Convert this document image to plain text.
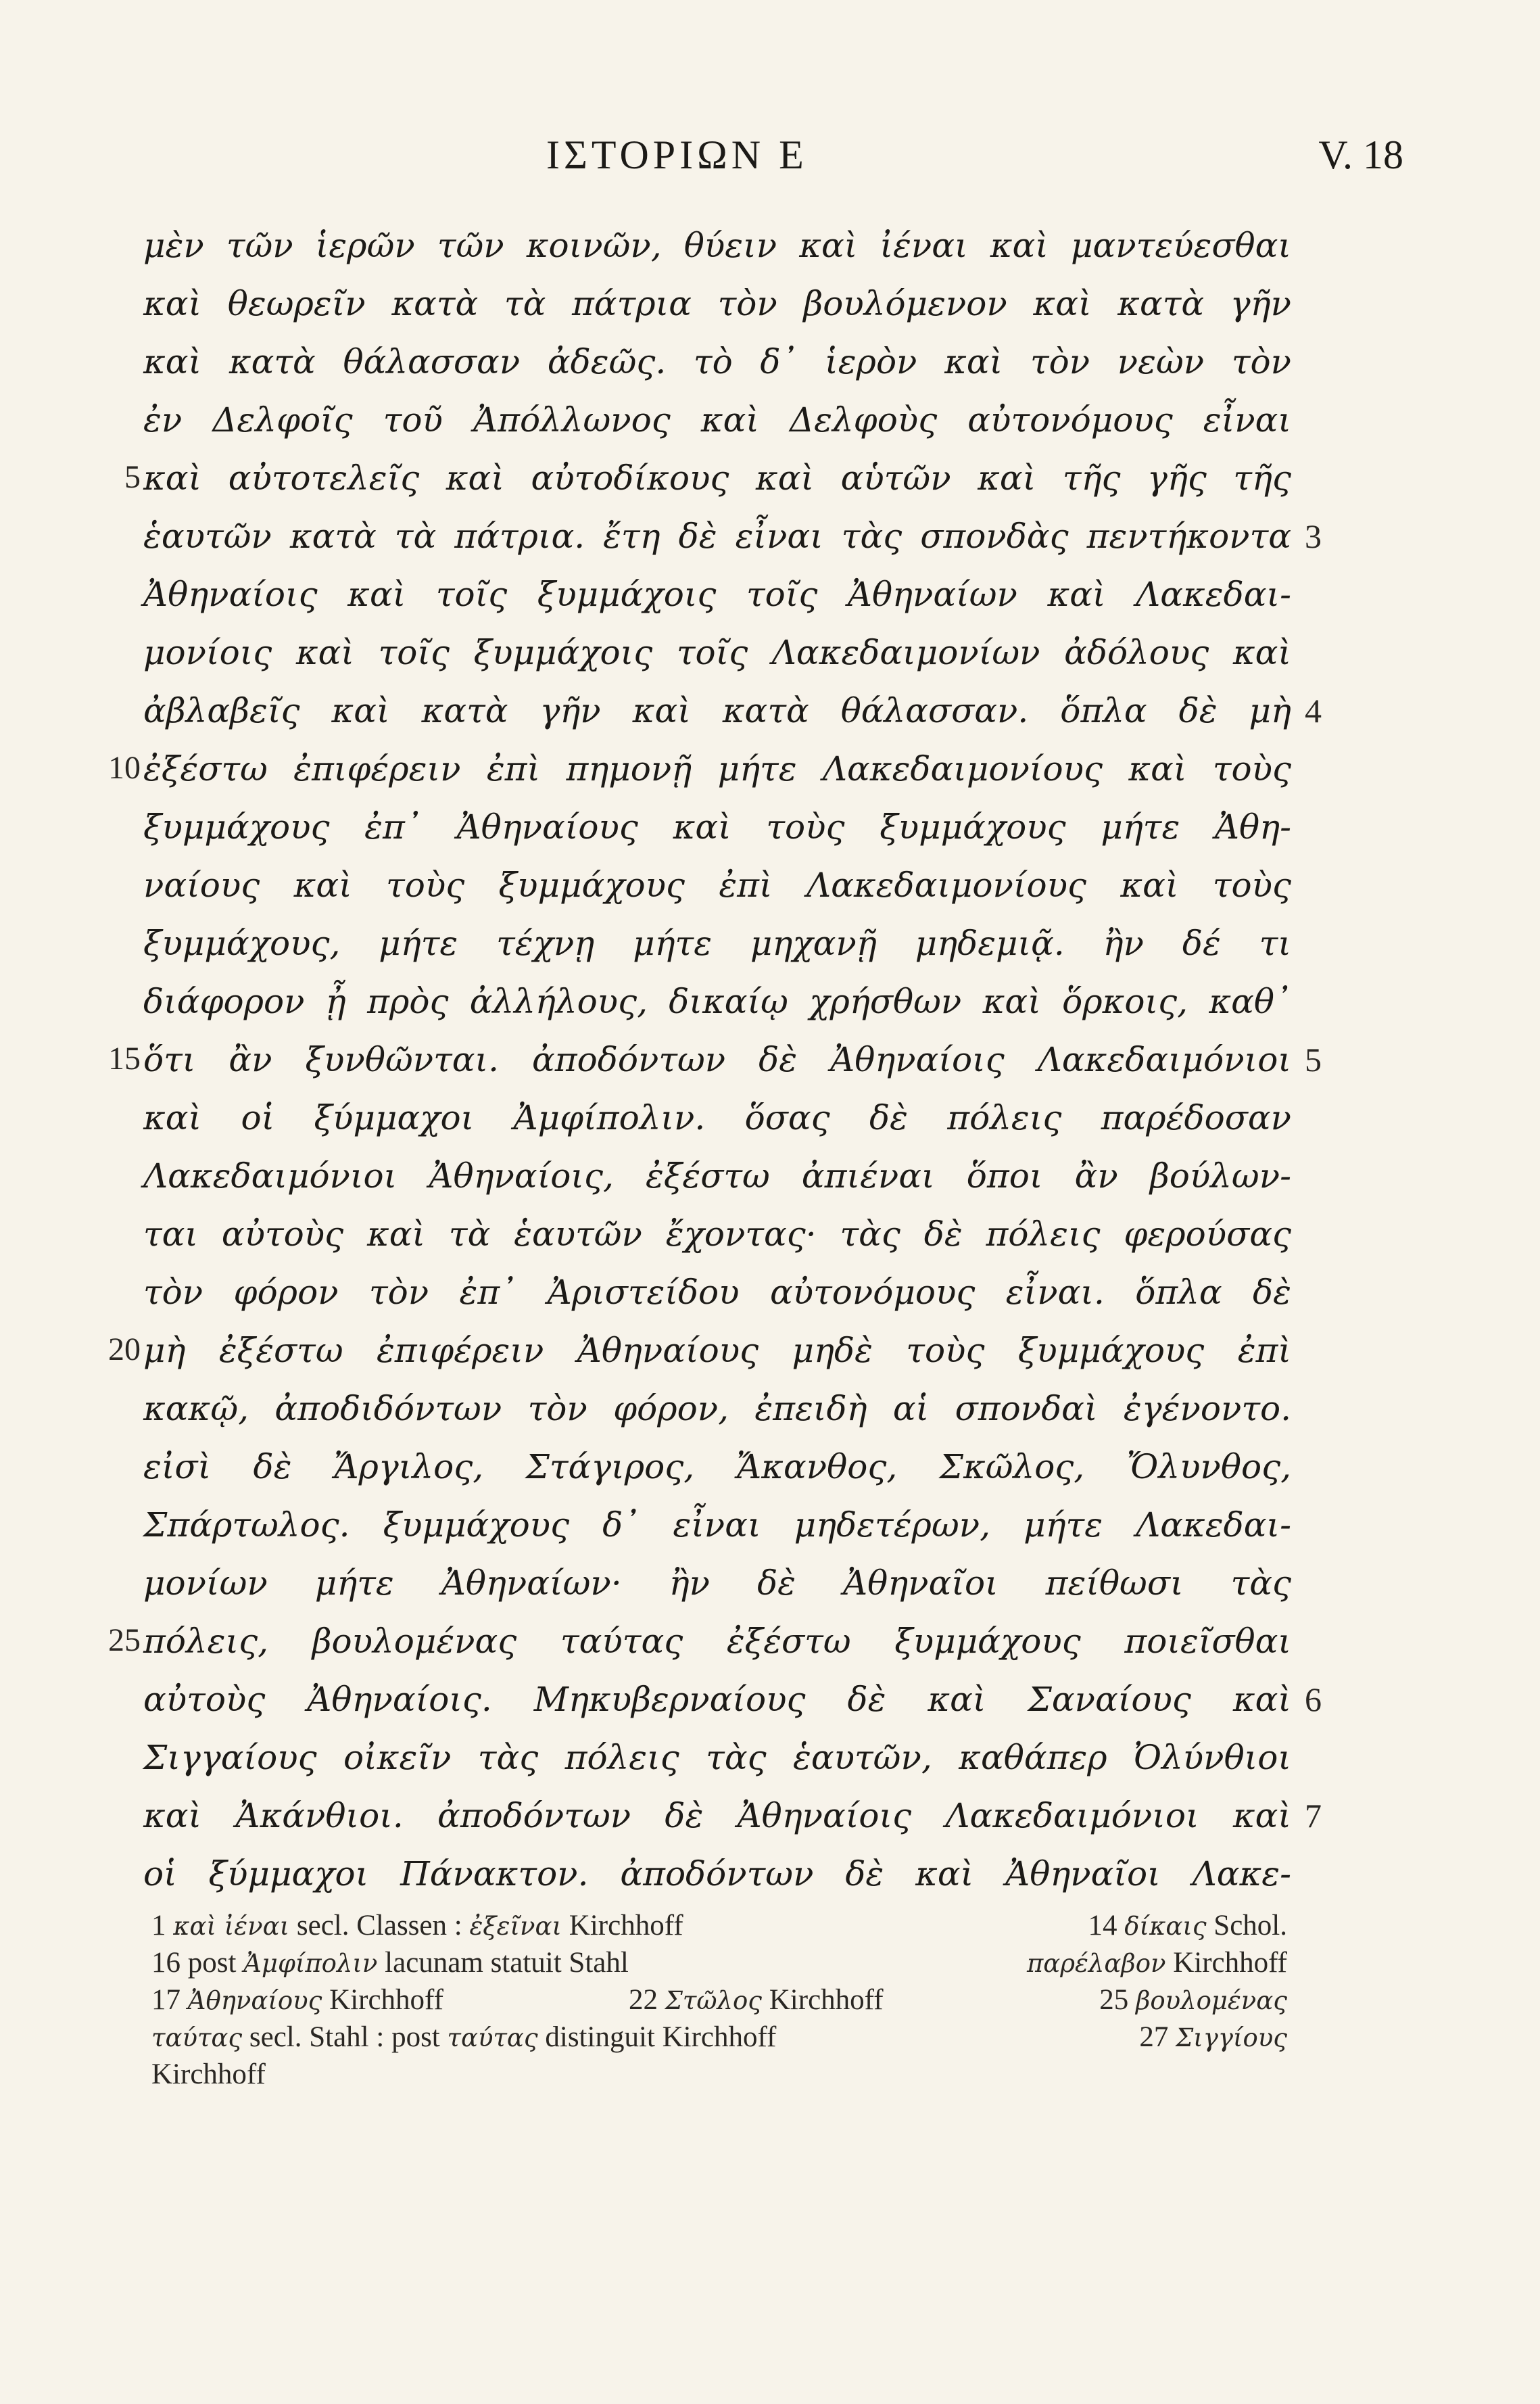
ΙΣΤΟΡΙΩΝ Ε	V. 18
μὲν τῶν ἱερῶν τῶν κοινῶν, θύειν καὶ ἰέναι καὶ μαντεύεσθαι
καὶ θεωρεῖν κατὰ τὰ πάτρια τὸν βουλόμενον καὶ κατὰ γῆν
καὶ κατὰ θάλασσαν ἀδεῶς. τὸ δ᾽ ἱερὸν καὶ τὸν νεὼν τὸν
ἐν Δελφοῖς τοῦ Ἀπόλλωνος καὶ Δελφοὺς αὐτονόμους εἶναι
5 καὶ αὐτοτελεῖς καὶ αὐτοδίκους καὶ αὑτῶν καὶ τῆς γῆς τῆς
ἑαυτῶν κατὰ τὰ πάτρια. ἔτη δὲ εἶναι τὰς σπονδὰς πεντήκοντα 3
Ἀθηναίοις καὶ τοῖς ξυμμάχοις τοῖς Ἀθηναίων καὶ Λακεδαι-
μονίοις καὶ τοῖς ξυμμάχοις τοῖς Λακεδαιμονίων ἀδόλους καὶ
ἀβλαβεῖς καὶ κατὰ γῆν καὶ κατὰ θάλασσαν. ὅπλα δὲ μὴ 4
10 ἐξέστω ἐπιφέρειν ἐπὶ πημονῇ μήτε Λακεδαιμονίους καὶ τοὺς
ξυμμάχους ἐπ᾽ Ἀθηναίους καὶ τοὺς ξυμμάχους μήτε Ἀθη-
ναίους καὶ τοὺς ξυμμάχους ἐπὶ Λακεδαιμονίους καὶ τοὺς
ξυμμάχους, μήτε τέχνῃ μήτε μηχανῇ μηδεμιᾷ. ἢν δέ τι
διάφορον ᾖ πρὸς ἀλλήλους, δικαίῳ χρήσθων καὶ ὅρκοις, καθ᾽
15 ὅτι ἂν ξυνθῶνται. ἀποδόντων δὲ Ἀθηναίοις Λακεδαιμόνιοι 5
καὶ οἱ ξύμμαχοι Ἀμφίπολιν. ὅσας δὲ πόλεις παρέδοσαν
Λακεδαιμόνιοι Ἀθηναίοις, ἐξέστω ἀπιέναι ὅποι ἂν βούλων-
ται αὐτοὺς καὶ τὰ ἑαυτῶν ἔχοντας· τὰς δὲ πόλεις φερούσας
τὸν φόρον τὸν ἐπ᾽ Ἀριστείδου αὐτονόμους εἶναι. ὅπλα δὲ
20 μὴ ἐξέστω ἐπιφέρειν Ἀθηναίους μηδὲ τοὺς ξυμμάχους ἐπὶ
κακῷ, ἀποδιδόντων τὸν φόρον, ἐπειδὴ αἱ σπονδαὶ ἐγένοντο.
εἰσὶ δὲ Ἄργιλος, Στάγιρος, Ἄκανθος, Σκῶλος, Ὄλυνθος,
Σπάρτωλος. ξυμμάχους δ᾽ εἶναι μηδετέρων, μήτε Λακεδαι-
μονίων μήτε Ἀθηναίων· ἢν δὲ Ἀθηναῖοι πείθωσι τὰς
25 πόλεις, βουλομένας ταύτας ἐξέστω ξυμμάχους ποιεῖσθαι
αὐτοὺς Ἀθηναίοις. Μηκυβερναίους δὲ καὶ Σαναίους καὶ 6
Σιγγαίους οἰκεῖν τὰς πόλεις τὰς ἑαυτῶν, καθάπερ Ὀλύνθιοι
καὶ Ἀκάνθιοι. ἀποδόντων δὲ Ἀθηναίοις Λακεδαιμόνιοι καὶ 7
οἱ ξύμμαχοι Πάνακτον. ἀποδόντων δὲ καὶ Ἀθηναῖοι Λακε-
1 καὶ ἰέναι secl. Classen : ἐξεῖναι Kirchhoff	14 δίκαις Schol.
16 post Ἀμφίπολιν lacunam statuit Stahl	παρέλαβον Kirchhoff
17 Ἀθηναίους Kirchhoff	22 Στῶλος Kirchhoff	25 βουλομένας
ταύτας secl. Stahl : post ταύτας distinguit Kirchhoff	27 Σιγγίους
Kirchhoff
